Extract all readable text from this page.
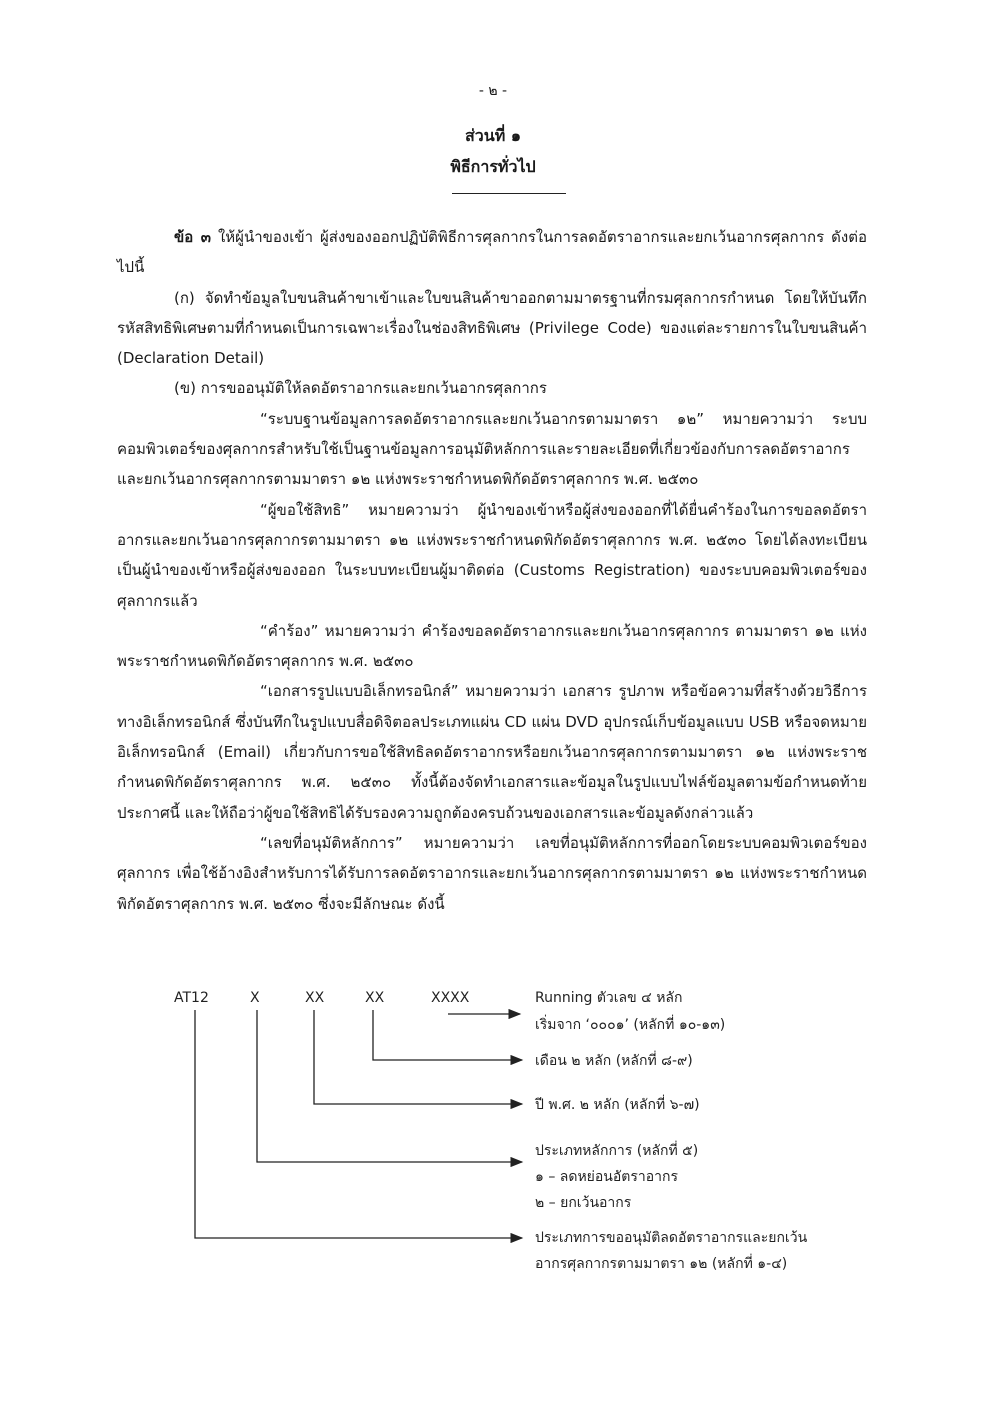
- ๒ -
ส่วนที่ ๑
พิธีการทั่วไป

ข้อ ๓ ให้ผู้นำของเข้า ผู้ส่งของออกปฏิบัติพิธีการศุลกากรในการลดอัตราอากรและยกเว้นอากรศุลกากร ดังต่อไปนี้

(ก) จัดทำข้อมูลใบขนสินค้าขาเข้าและใบขนสินค้าขาออกตามมาตรฐานที่กรมศุลกากรกำหนด โดยให้บันทึกรหัสสิทธิพิเศษตามที่กำหนดเป็นการเฉพาะเรื่องในช่องสิทธิพิเศษ (Privilege Code) ของแต่ละรายการในใบขนสินค้า (Declaration Detail)

(ข) การขออนุมัติให้ลดอัตราอากรและยกเว้นอากรศุลกากร

“ระบบฐานข้อมูลการลดอัตราอากรและยกเว้นอากรตามมาตรา ๑๒” หมายความว่า ระบบคอมพิวเตอร์ของศุลกากรสำหรับใช้เป็นฐานข้อมูลการอนุมัติหลักการและรายละเอียดที่เกี่ยวข้องกับการลดอัตราอากรและยกเว้นอากรศุลกากรตามมาตรา ๑๒ แห่งพระราชกำหนดพิกัดอัตราศุลกากร พ.ศ. ๒๕๓๐

“ผู้ขอใช้สิทธิ” หมายความว่า ผู้นำของเข้าหรือผู้ส่งของออกที่ได้ยื่นคำร้องในการขอลดอัตราอากรและยกเว้นอากรศุลกากรตามมาตรา ๑๒ แห่งพระราชกำหนดพิกัดอัตราศุลกากร พ.ศ. ๒๕๓๐ โดยได้ลงทะเบียนเป็นผู้นำของเข้าหรือผู้ส่งของออก ในระบบทะเบียนผู้มาติดต่อ (Customs Registration) ของระบบคอมพิวเตอร์ของศุลกากรแล้ว

“คำร้อง” หมายความว่า คำร้องขอลดอัตราอากรและยกเว้นอากรศุลกากร ตามมาตรา ๑๒ แห่งพระราชกำหนดพิกัดอัตราศุลกากร พ.ศ. ๒๕๓๐

“เอกสารรูปแบบอิเล็กทรอนิกส์” หมายความว่า เอกสาร รูปภาพ หรือข้อความที่สร้างด้วยวิธีการทางอิเล็กทรอนิกส์ ซึ่งบันทึกในรูปแบบสื่อดิจิตอลประเภทแผ่น CD แผ่น DVD อุปกรณ์เก็บข้อมูลแบบ USB หรือจดหมายอิเล็กทรอนิกส์ (Email) เกี่ยวกับการขอใช้สิทธิลดอัตราอากรหรือยกเว้นอากรศุลกากรตามมาตรา ๑๒ แห่งพระราชกำหนดพิกัดอัตราศุลกากร พ.ศ. ๒๕๓๐ ทั้งนี้ต้องจัดทำเอกสารและข้อมูลในรูปแบบไฟล์ข้อมูลตามข้อกำหนดท้ายประกาศนี้ และให้ถือว่าผู้ขอใช้สิทธิได้รับรองความถูกต้องครบถ้วนของเอกสารและข้อมูลดังกล่าวแล้ว

“เลขที่อนุมัติหลักการ” หมายความว่า เลขที่อนุมัติหลักการที่ออกโดยระบบคอมพิวเตอร์ของศุลกากร เพื่อใช้อ้างอิงสำหรับการได้รับการลดอัตราอากรและยกเว้นอากรศุลกากรตามมาตรา ๑๒ แห่งพระราชกำหนดพิกัดอัตราศุลกากร พ.ศ. ๒๕๓๐ ซึ่งจะมีลักษณะ ดังนี้

AT12	X	XX	XX	XXXX	Running ตัวเลข ๔ หลัก
เริ่มจาก ‘๐๐๐๑’ (หลักที่ ๑๐-๑๓)
เดือน ๒ หลัก (หลักที่ ๘-๙)
ปี พ.ศ. ๒ หลัก (หลักที่ ๖-๗)
ประเภทหลักการ (หลักที่ ๕)
๑ – ลดหย่อนอัตราอากร
๒ – ยกเว้นอากร
ประเภทการขออนุมัติลดอัตราอากรและยกเว้น
อากรศุลกากรตามมาตรา ๑๒ (หลักที่ ๑-๔)
